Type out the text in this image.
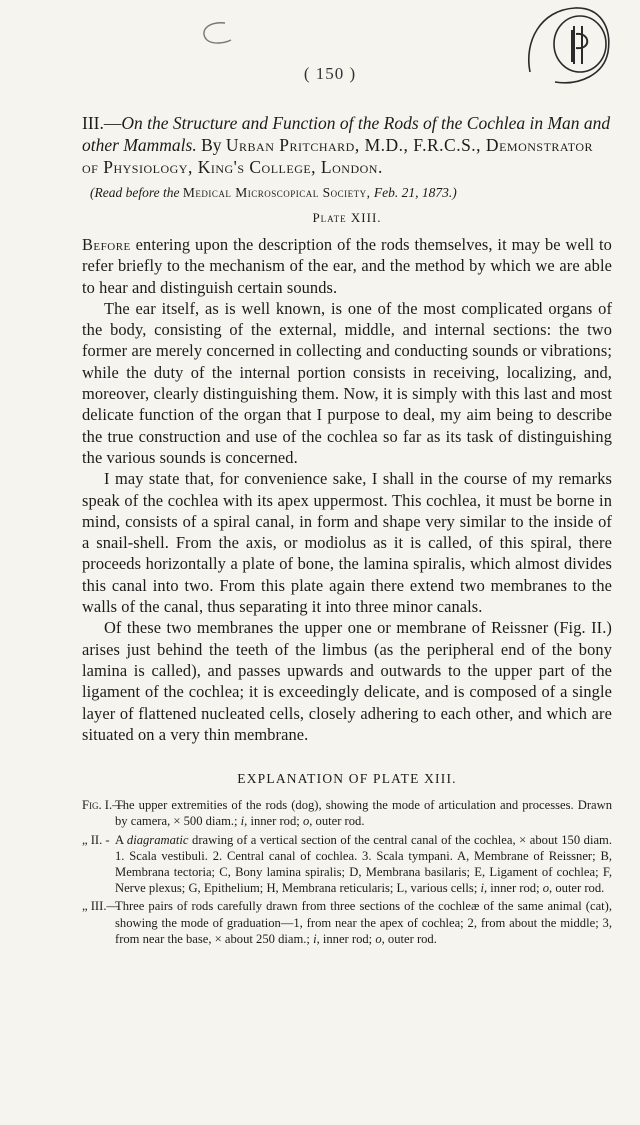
( 150 )
III.—On the Structure and Function of the Rods of the Cochlea in Man and other Mammals. By Urban Pritchard, M.D., F.R.C.S., Demonstrator of Physiology, King's College, London.

(Read before the Medical Microscopical Society, Feb. 21, 1873.)

Plate XIII.

Before entering upon the description of the rods themselves, it may be well to refer briefly to the mechanism of the ear, and the method by which we are able to hear and distinguish certain sounds.

The ear itself, as is well known, is one of the most complicated organs of the body, consisting of the external, middle, and internal sections: the two former are merely concerned in collecting and conducting sounds or vibrations; while the duty of the internal portion consists in receiving, localizing, and, moreover, clearly distinguishing them. Now, it is simply with this last and most delicate function of the organ that I purpose to deal, my aim being to describe the true construction and use of the cochlea so far as its task of distinguishing the various sounds is concerned.

I may state that, for convenience sake, I shall in the course of my remarks speak of the cochlea with its apex uppermost. This cochlea, it must be borne in mind, consists of a spiral canal, in form and shape very similar to the inside of a snail-shell. From the axis, or modiolus as it is called, of this spiral, there proceeds horizontally a plate of bone, the lamina spiralis, which almost divides this canal into two. From this plate again there extend two membranes to the walls of the canal, thus separating it into three minor canals.

Of these two membranes the upper one or membrane of Reissner (Fig. II.) arises just behind the teeth of the limbus (as the peripheral end of the bony lamina is called), and passes upwards and outwards to the upper part of the ligament of the cochlea; it is exceedingly delicate, and is composed of a single layer of flattened nucleated cells, closely adhering to each other, and which are situated on a very thin membrane.

EXPLANATION OF PLATE XIII.
Fig. I.—
The upper extremities of the rods (dog), showing the mode of articulation and processes. Drawn by camera, × 500 diam.; i, inner rod; o, outer rod.
„ II. - A diagramatic drawing of a vertical section of the central canal of the cochlea, × about 150 diam. 1. Scala vestibuli. 2. Central canal of cochlea. 3. Scala tympani. A, Membrane of Reissner; B, Membrana tectoria; C, Bony lamina spiralis; D, Membrana basilaris; E, Ligament of cochlea; F, Nerve plexus; G, Epithelium; H, Membrana reticularis; L, various cells; i, inner rod; o, outer rod.
„ III.—
Three pairs of rods carefully drawn from three sections of the cochleæ of the same animal (cat), showing the mode of graduation—1, from near the apex of cochlea; 2, from about the middle; 3, from near the base, × about 250 diam.; i, inner rod; o, outer rod.
